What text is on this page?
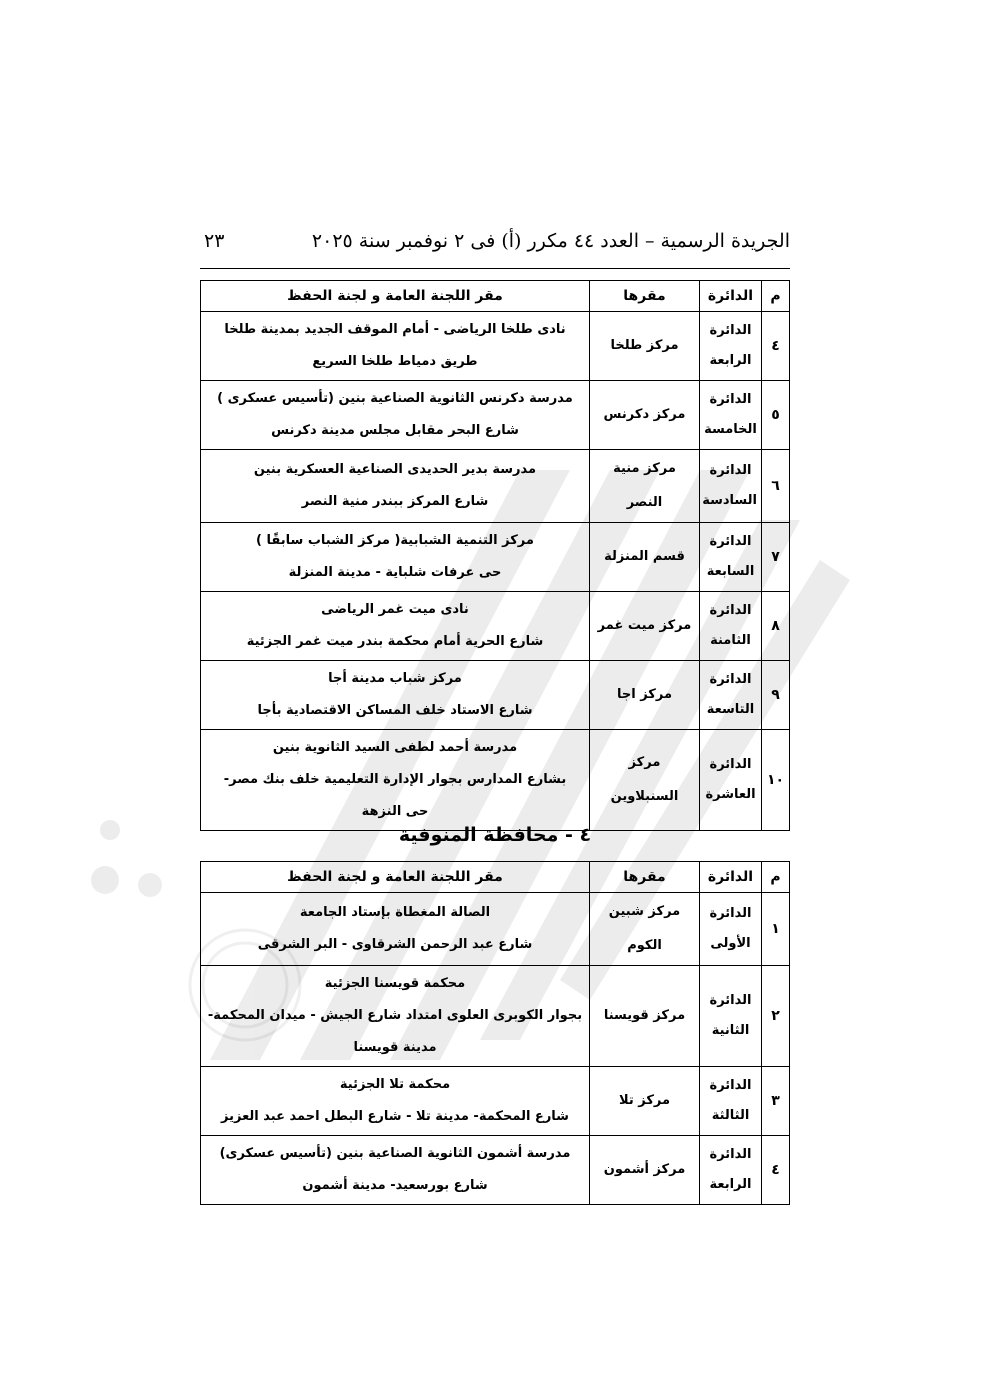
الجريدة الرسمية – العدد ٤٤ مكرر (أ) فى ٢ نوفمبر سنة ٢٠٢٥
٢٣
م	الدائرة	مقرها	مقر اللجنة العامة و لجنة الحفظ
٤	الدائرة الرابعة	مركز طلخا	نادى طلخا الرياضى - أمام الموقف الجديد بمدينة طلخا
طريق دمياط طلخا السريع

٥	الدائرة الخامسة	مركز دكرنس	مدرسة دكرنس الثانوية الصناعية بنين (تأسيس عسكرى )
شارع البحر مقابل مجلس مدينة دكرنس

٦	الدائرة السادسة	مركز منية النصر	مدرسة بدير الحديدى الصناعية العسكرية بنين
شارع المركز ببندر منية النصر

٧	الدائرة السابعة	قسم المنزلة	مركز التنمية الشبابية( مركز الشباب سابقًا )
حى عرفات شلباية - مدينة المنزلة

٨	الدائرة الثامنة	مركز ميت غمر	نادى ميت غمر الرياضى
شارع الحرية أمام محكمة بندر ميت غمر الجزئية

٩	الدائرة التاسعة	مركز اجا	مركز شباب مدينة أجا
شارع الاستاد خلف المساكن الاقتصادية بأجا

١٠	الدائرة العاشرة	مركز السنبلاوين	مدرسة أحمد لطفى السيد الثانوية بنين
بشارع المدارس بجوار الإدارة التعليمية خلف بنك مصر-
حى النزهة
٤ - محافظة المنوفية
م	الدائرة	مقرها	مقر اللجنة العامة و لجنة الحفظ
١	الدائرة الأولى	مركز شبين الكوم	الصالة المغطاة بإستاد الجامعة
شارع عبد الرحمن الشرقاوى - البر الشرقى

٢	الدائرة الثانية	مركز قويسنا	محكمة قويسنا الجزئية
بجوار الكوبرى العلوى امتداد شارع الجيش - ميدان المحكمة-
مدينة قويسنا

٣	الدائرة الثالثة	مركز تلا	محكمة تلا الجزئية
شارع المحكمة- مدينة تلا - شارع البطل احمد عبد العزيز

٤	الدائرة الرابعة	مركز أشمون	مدرسة أشمون الثانوية الصناعية بنين (تأسيس عسكرى)
شارع بورسعيد- مدينة أشمون
